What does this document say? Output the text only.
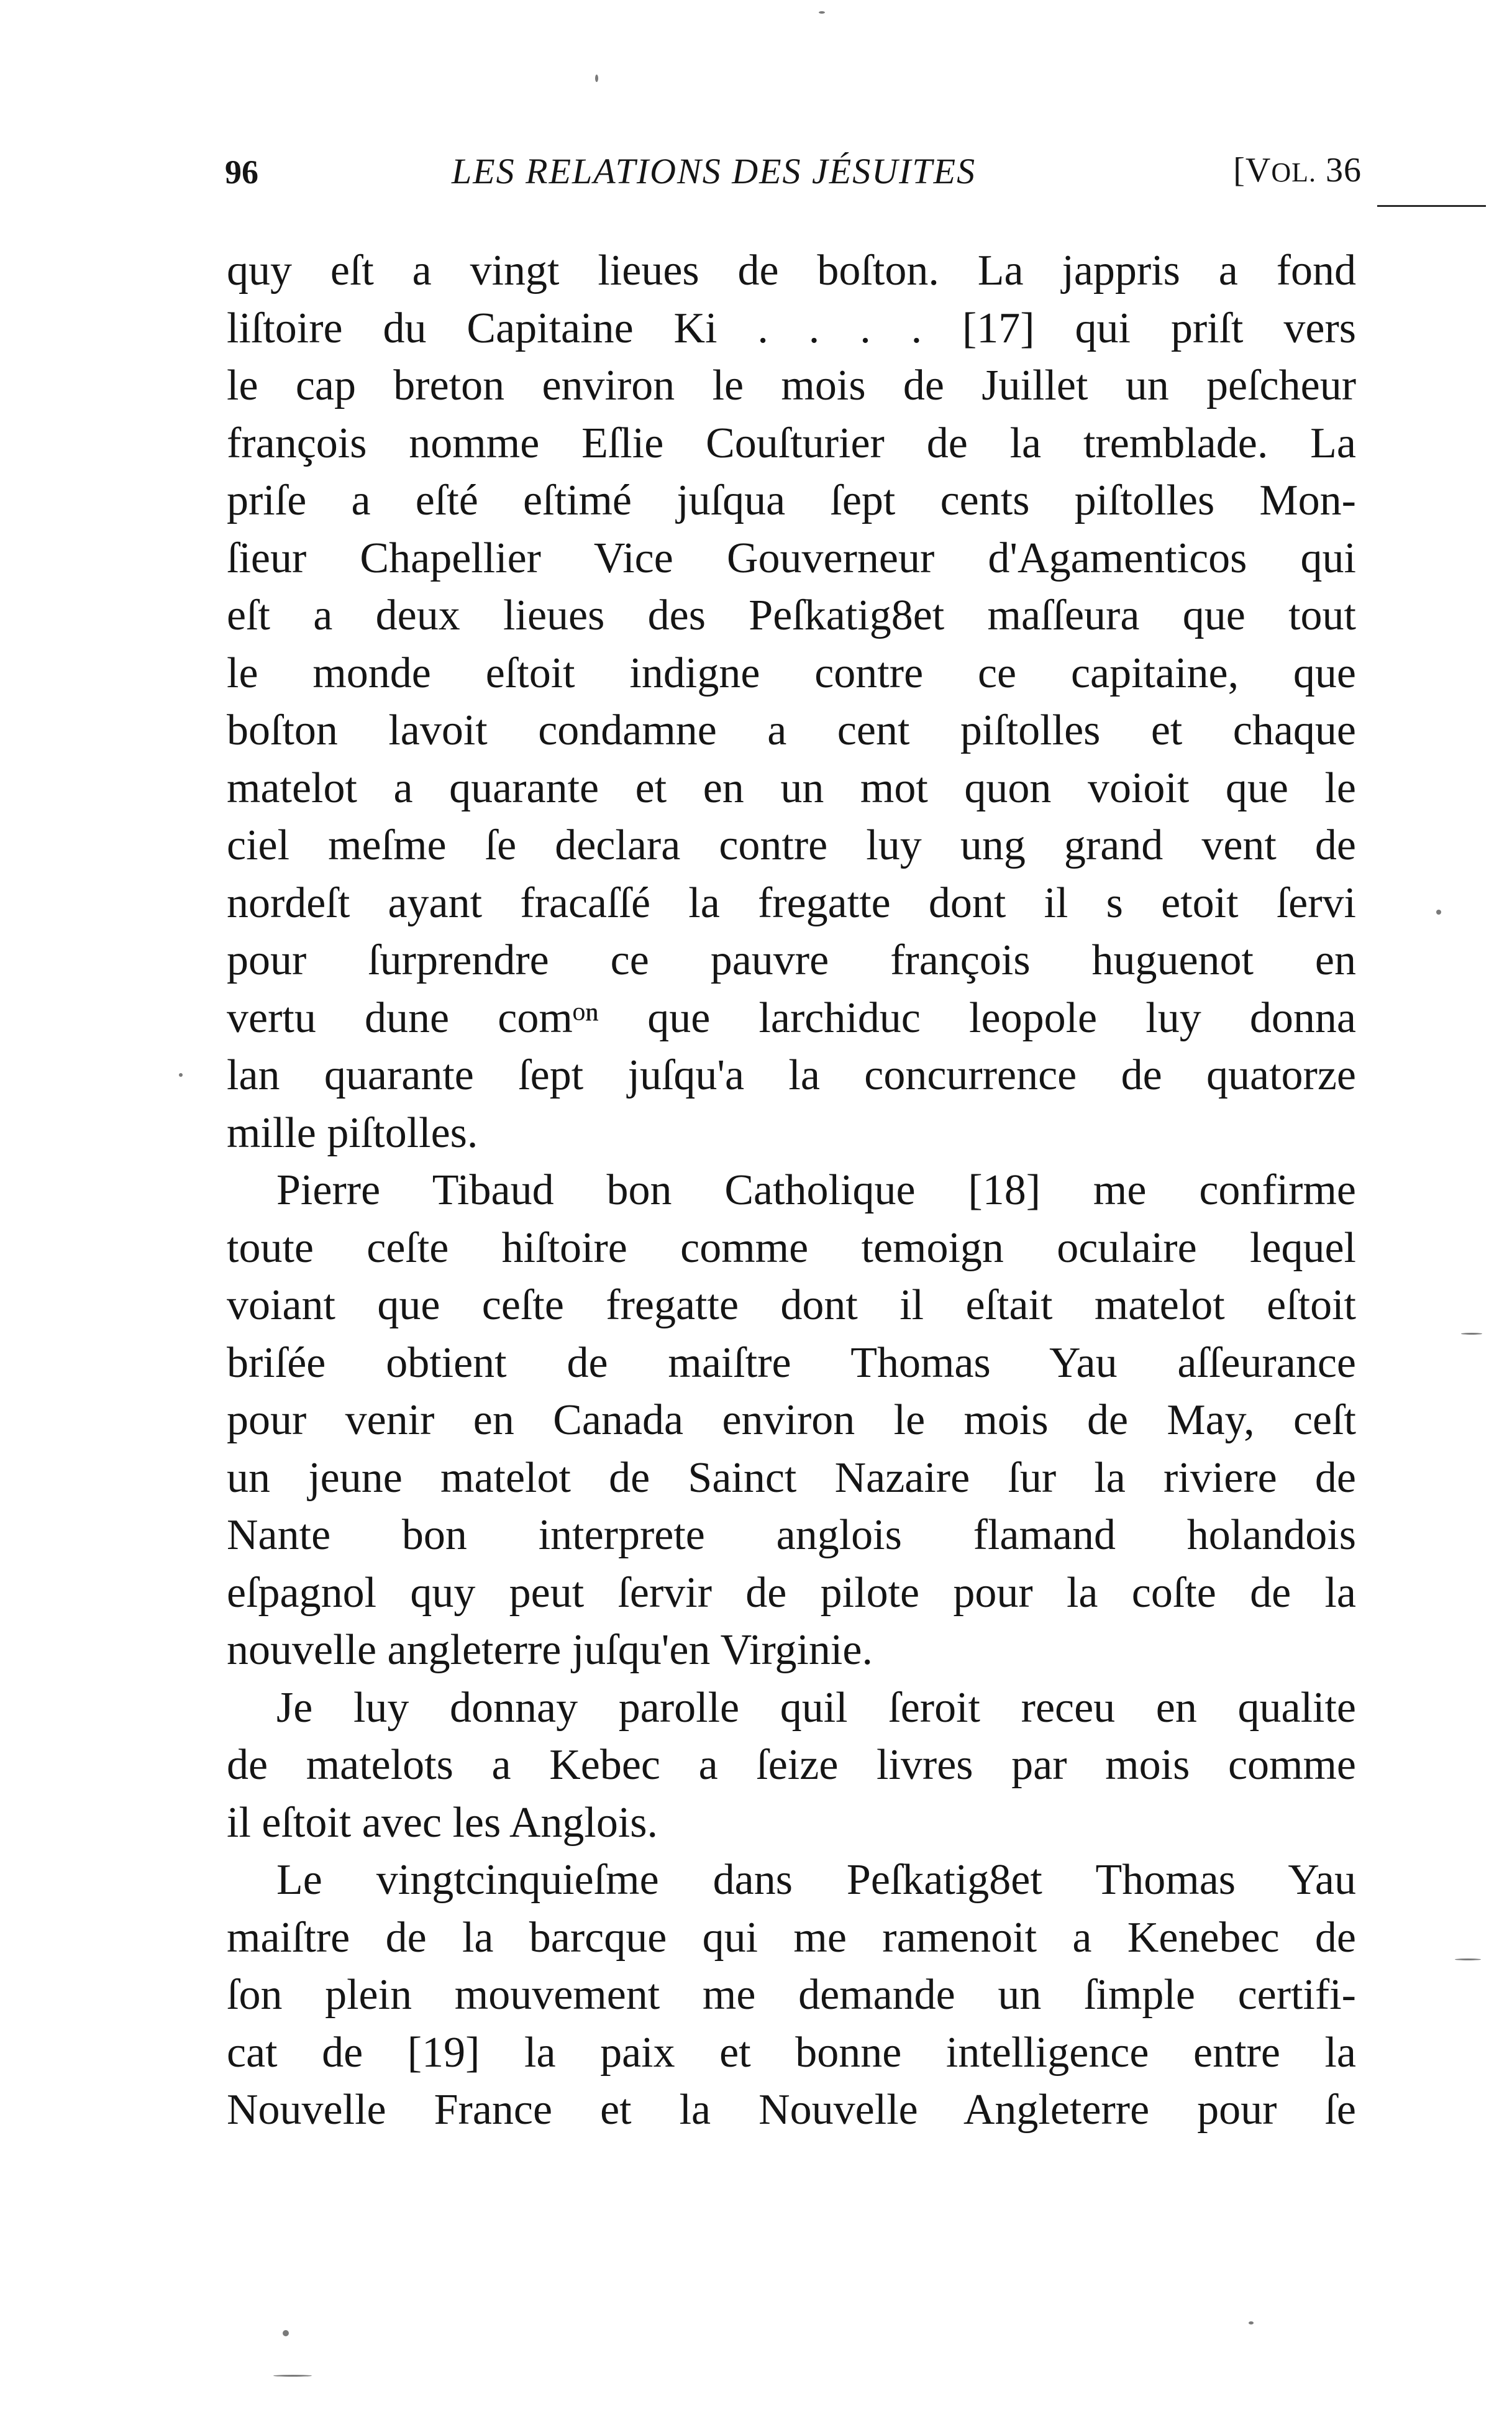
96	LES RELATIONS DES JÉSUITES	[VOL. 36
quy eſt a vingt lieues de boſton. La jappris a fond
liſtoire du Capitaine Ki . . . . [17] qui priſt vers
le cap breton environ le mois de Juillet un peſcheur
françois nomme Eſlie Couſturier de la tremblade. La
priſe a eſté eſtimé juſqua ſept cents piſtolles Mon-
ſieur Chapellier Vice Gouverneur d'Agamenticos qui
eſt a deux lieues des Peſkatig8et maſſeura que tout
le monde eſtoit indigne contre ce capitaine, que
boſton lavoit condamne a cent piſtolles et chaque
matelot a quarante et en un mot quon voioit que le
ciel meſme ſe declara contre luy ung grand vent de
nordeſt ayant fracaſſé la fregatte dont il s etoit ſervi
pour ſurprendre ce pauvre françois huguenot en
vertu dune comᵒⁿ que larchiduc leopole luy donna
lan quarante ſept juſqu'a la concurrence de quatorze
mille piſtolles.
Pierre Tibaud bon Catholique [18] me confirme
toute ceſte hiſtoire comme temoign oculaire lequel
voiant que ceſte fregatte dont il eſtait matelot eſtoit
briſée obtient de maiſtre Thomas Yau aſſeurance
pour venir en Canada environ le mois de May, ceſt
un jeune matelot de Sainct Nazaire ſur la riviere de
Nante bon interprete anglois flamand holandois
eſpagnol quy peut ſervir de pilote pour la coſte de la
nouvelle angleterre juſqu'en Virginie.
Je luy donnay parolle quil ſeroit receu en qualite
de matelots a Kebec a ſeize livres par mois comme
il eſtoit avec les Anglois.
Le vingtcinquieſme dans Peſkatig8et Thomas Yau
maiſtre de la barcque qui me ramenoit a Kenebec de
ſon plein mouvement me demande un ſimple certifi-
cat de [19] la paix et bonne intelligence entre la
Nouvelle France et la Nouvelle Angleterre pour ſe
